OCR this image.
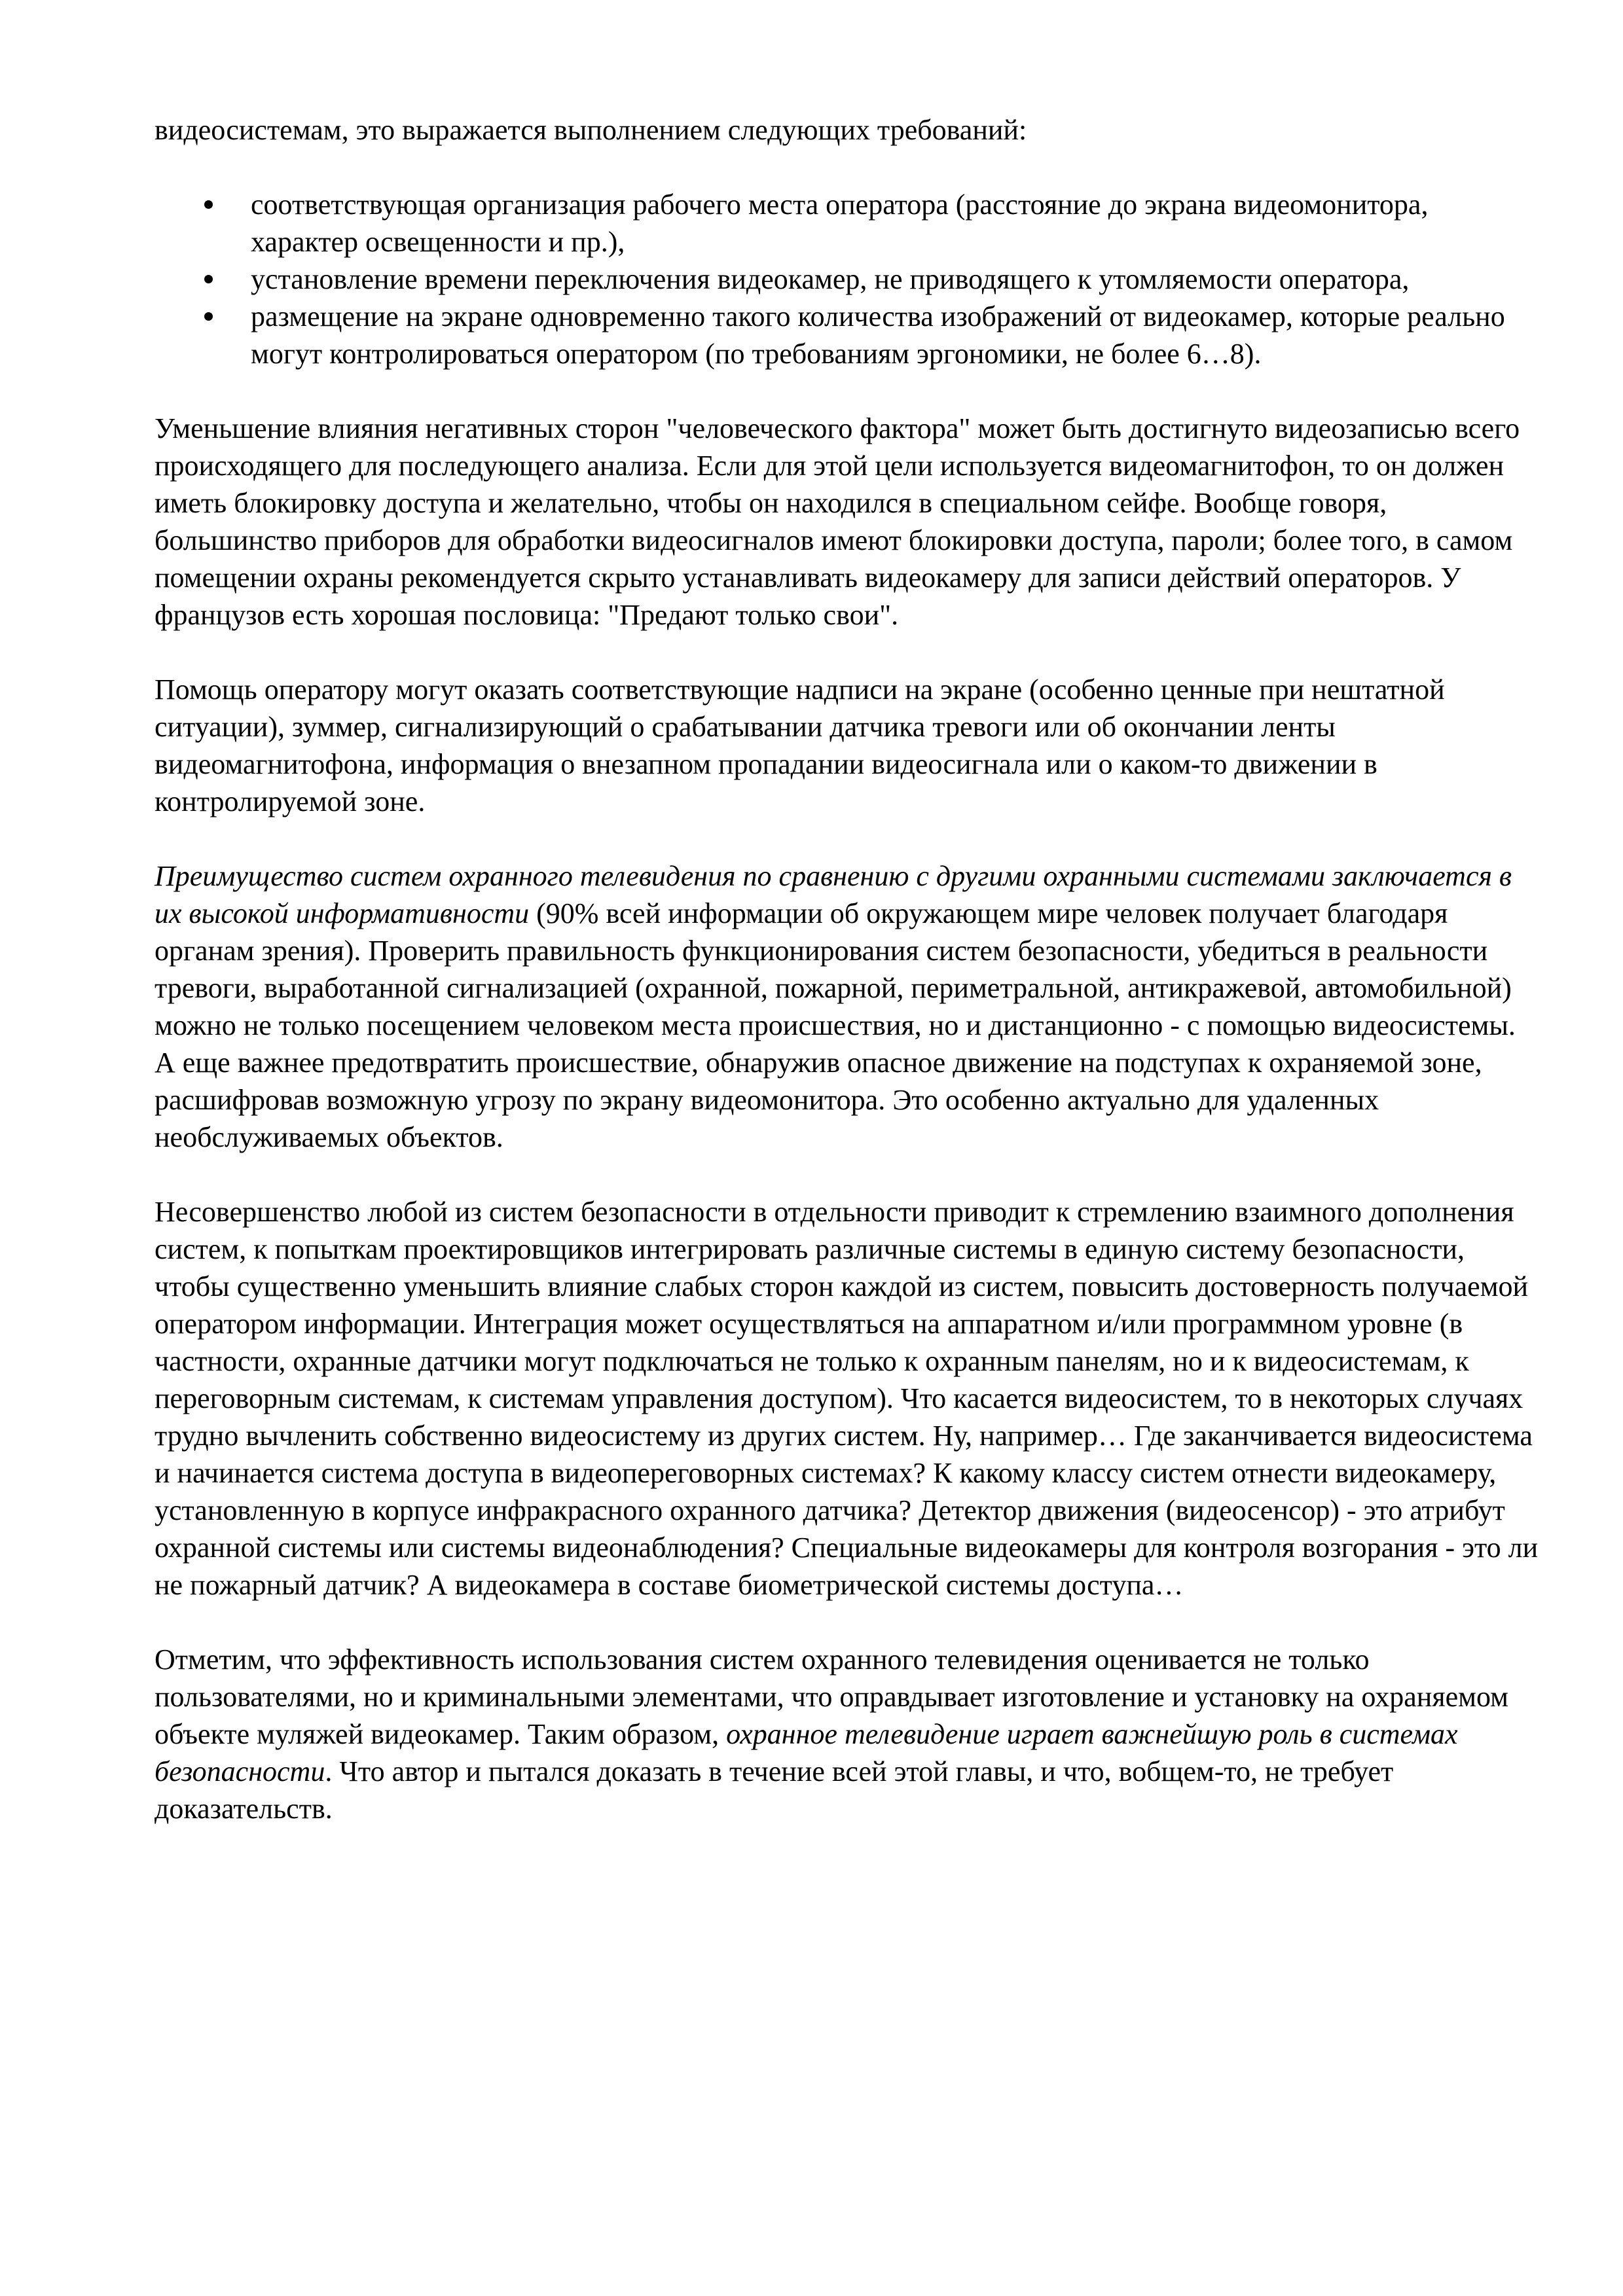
видеосистемам, это выражается выполнением следующих требований:

соответствующая организация рабочего места оператора (расстояние до экрана видеомонитора, характер освещенности и пр.),
установление времени переключения видеокамер, не приводящего к утомляемости оператора,
размещение на экране одновременно такого количества изображений от видеокамер, которые реально могут контролироваться оператором (по требованиям эргономики, не более 6…8).

Уменьшение влияния негативных сторон "человеческого фактора" может быть достигнуто видеозаписью всего происходящего для последующего анализа. Если для этой цели используется видеомагнитофон, то он должен иметь блокировку доступа и желательно, чтобы он находился в специальном сейфе. Вообще говоря, большинство приборов для обработки видеосигналов имеют блокировки доступа, пароли; более того, в самом помещении охраны рекомендуется скрыто устанавливать видеокамеру для записи действий операторов. У французов есть хорошая пословица: "Предают только свои".

Помощь оператору могут оказать соответствующие надписи на экране (особенно ценные при нештатной ситуации), зуммер, сигнализирующий о срабатывании датчика тревоги или об окончании ленты видеомагнитофона, информация о внезапном пропадании видеосигнала или о каком-то движении в контролируемой зоне.

Преимущество систем охранного телевидения по сравнению с другими охранными системами заключается в их высокой информативности (90% всей информации об окружающем мире человек получает благодаря органам зрения). Проверить правильность функционирования систем безопасности, убедиться в реальности тревоги, выработанной сигнализацией (охранной, пожарной, периметральной, антикражевой, автомобильной) можно не только посещением человеком места происшествия, но и дистанционно - с помощью видеосистемы. А еще важнее предотвратить происшествие, обнаружив опасное движение на подступах к охраняемой зоне, расшифровав возможную угрозу по экрану видеомонитора. Это особенно актуально для удаленных необслуживаемых объектов.

Несовершенство любой из систем безопасности в отдельности приводит к стремлению взаимного дополнения систем, к попыткам проектировщиков интегрировать различные системы в единую систему безопасности, чтобы существенно уменьшить влияние слабых сторон каждой из систем, повысить достоверность получаемой оператором информации. Интеграция может осуществляться на аппаратном и/или программном уровне (в частности, охранные датчики могут подключаться не только к охранным панелям, но и к видеосистемам, к переговорным системам, к системам управления доступом). Что касается видеосистем, то в некоторых случаях трудно вычленить собственно видеосистему из других систем. Ну, например… Где заканчивается видеосистема и начинается система доступа в видеопереговорных системах? К какому классу систем отнести видеокамеру, установленную в корпусе инфракрасного охранного датчика? Детектор движения (видеосенсор) - это атрибут охранной системы или системы видеонаблюдения? Специальные видеокамеры для контроля возгорания - это ли не пожарный датчик? А видеокамера в составе биометрической системы доступа…

Отметим, что эффективность использования систем охранного телевидения оценивается не только пользователями, но и криминальными элементами, что оправдывает изготовление и установку на охраняемом объекте муляжей видеокамер. Таким образом, охранное телевидение играет важнейшую роль в системах безопасности. Что автор и пытался доказать в течение всей этой главы, и что, вобщем-то, не требует доказательств.
